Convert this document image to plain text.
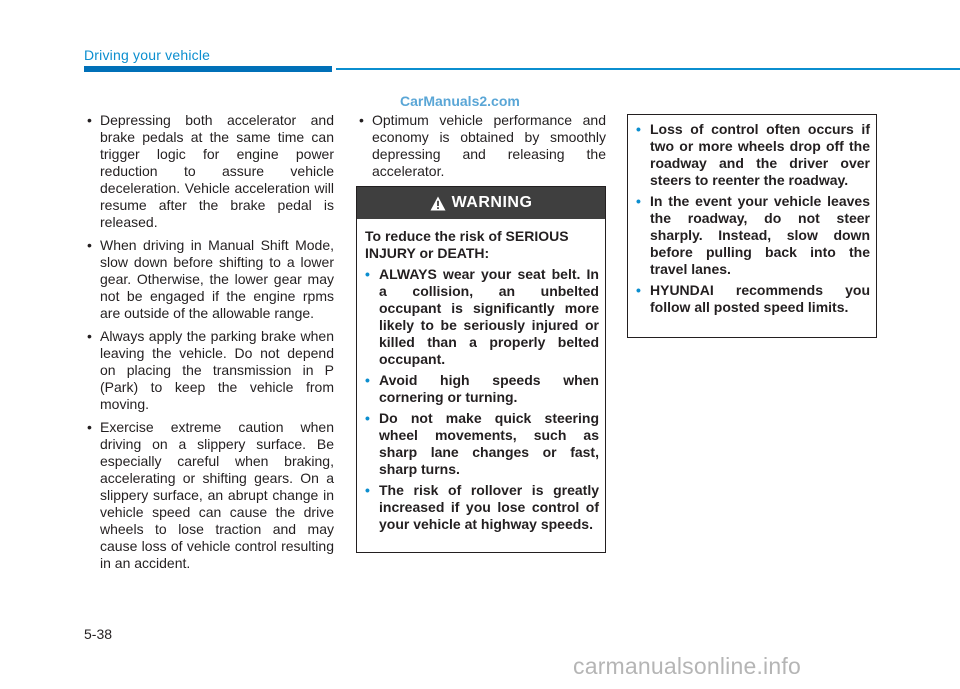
Driving your vehicle
CarManuals2.com
• Depressing both accelerator and brake pedals at the same time can trigger logic for engine power reduction to assure vehicle deceleration. Vehicle acceleration will resume after the brake pedal is released.
• When driving in Manual Shift Mode, slow down before shifting to a lower gear. Otherwise, the lower gear may not be engaged if the engine rpms are outside of the allowable range.
• Always apply the parking brake when leaving the vehicle. Do not depend on placing the transmission in P (Park) to keep the vehicle from moving.
• Exercise extreme caution when driving on a slippery surface. Be especially careful when braking, accelerating or shifting gears. On a slippery surface, an abrupt change in vehicle speed can cause the drive wheels to lose traction and may cause loss of vehicle control resulting in an accident.
• Optimum vehicle performance and economy is obtained by smoothly depressing and releasing the accelerator.
WARNING

To reduce the risk of SERIOUS INJURY or DEATH:

• ALWAYS wear your seat belt. In a collision, an unbelted occupant is significantly more likely to be seriously injured or killed than a properly belted occupant.
• Avoid high speeds when cornering or turning.
• Do not make quick steering wheel movements, such as sharp lane changes or fast, sharp turns.
• The risk of rollover is greatly increased if you lose control of your vehicle at highway speeds.
• Loss of control often occurs if two or more wheels drop off the roadway and the driver over steers to reenter the roadway.
• In the event your vehicle leaves the roadway, do not steer sharply. Instead, slow down before pulling back into the travel lanes.
• HYUNDAI recommends you follow all posted speed limits.
5-38
carmanualsonline.info
